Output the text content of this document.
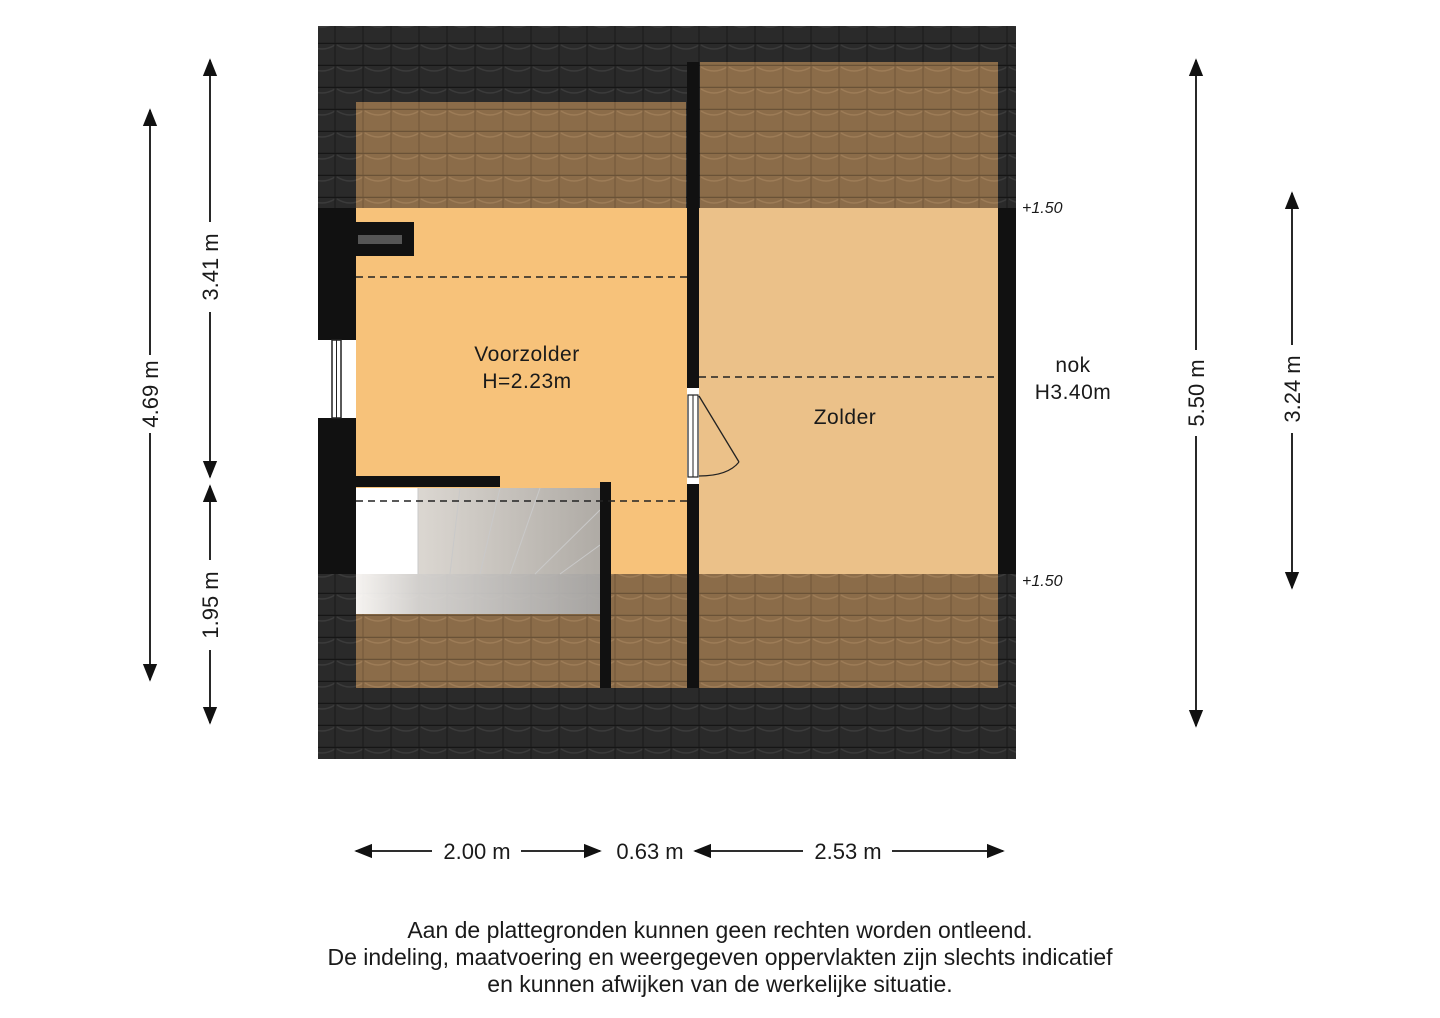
Voorzolder
H=2.23m
Zolder
nok
H3.40m
+1.50
+1.50
4.69 m
3.41 m
1.95 m
5.50 m	3.24 m
2.00 m	0.63 m	2.53 m

Aan de plattegronden kunnen geen rechten worden ontleend.
De indeling, maatvoering en weergegeven oppervlakten zijn slechts indicatief
en kunnen afwijken van de werkelijke situatie.
